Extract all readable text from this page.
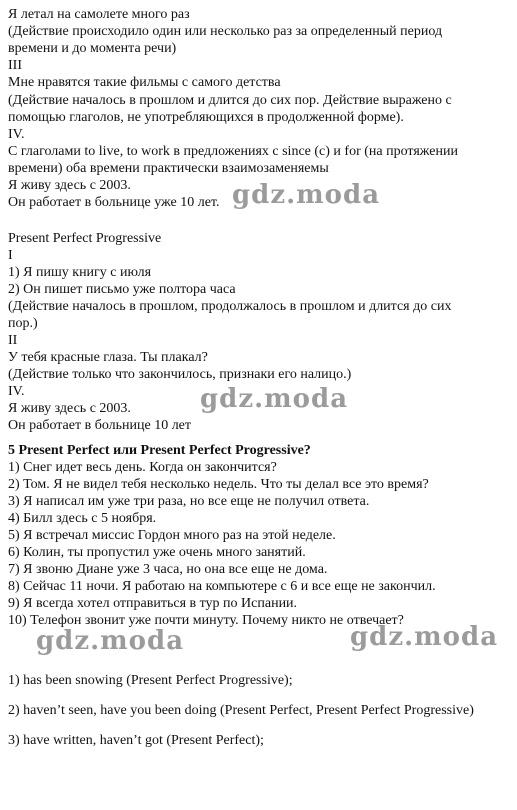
Я летал на самолете много раз
(Действие происходило один или несколько раз за определенный период
времени и до момента речи)
III
Мне нравятся такие фильмы с самого детства
(Действие началось в прошлом и длится до сих пор. Действие выражено с
помощью глаголов, не употребляющихся в продолженной форме).
IV.
С глаголами to live, to work в предложениях с since (с) и for (на протяжении
времени) оба времени практически взаимозаменяемы
Я живу здесь с 2003.
Он работает в больнице уже 10 лет.
Present Perfect Progressive
I
1) Я пишу книгу с июля
2) Он пишет письмо уже полтора часа
(Действие началось в прошлом, продолжалось в прошлом и длится до сих
пор.)
II
У тебя красные глаза. Ты плакал?
(Действие только что закончилось, признаки его налицо.)
IV.
Я живу здесь с 2003.
Он работает в больнице 10 лет
5 Present Perfect или Present Perfect Progressive?
1) Снег идет весь день. Когда он закончится?
2) Том. Я не видел тебя несколько недель. Что ты делал все это время?
3) Я написал им уже три раза, но все еще не получил ответа.
4) Билл здесь с 5 ноября.
5) Я встречал миссис Гордон много раз на этой неделе.
6) Колин, ты пропустил уже очень много занятий.
7) Я звоню Диане уже 3 часа, но она все еще не дома.
8) Сейчас 11 ночи. Я работаю на компьютере с 6 и все еще не закончил.
9) Я всегда хотел отправиться в тур по Испании.
10) Телефон звонит уже почти минуту. Почему никто не отвечает?
1) has been snowing (Present Perfect Progressive);
2) haven’t seen, have you been doing (Present Perfect, Present Perfect Progressive)
3) have written, haven’t got (Present Perfect);
gdz.moda
gdz.moda
gdz.moda	gdz.moda
